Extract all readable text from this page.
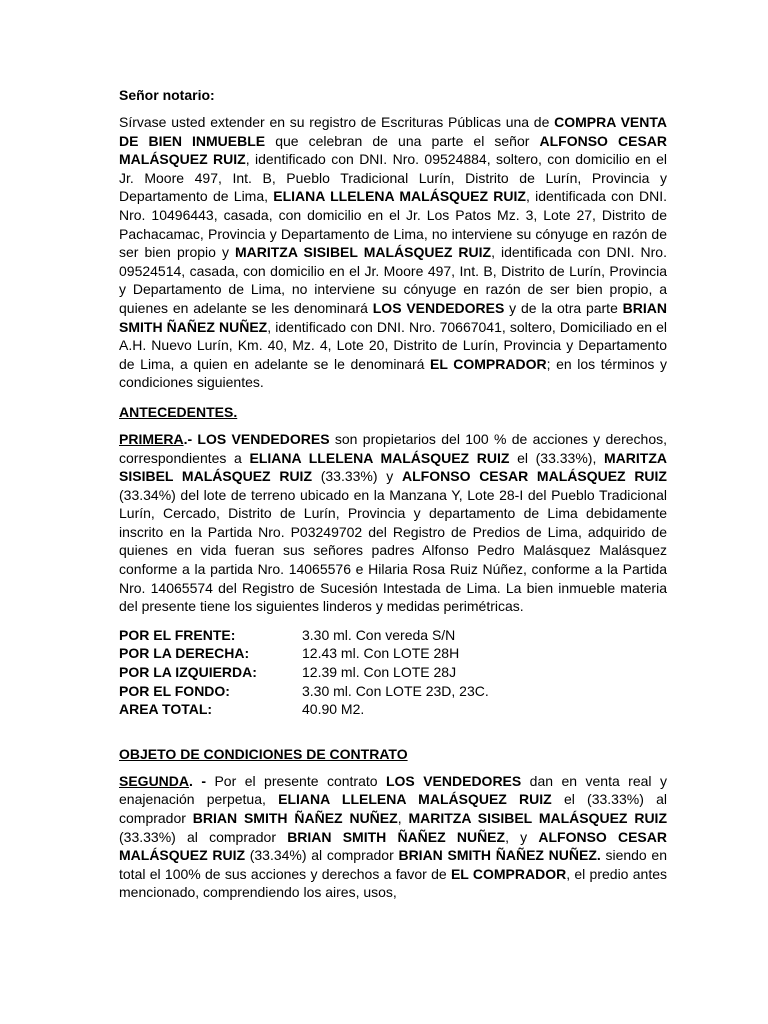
Señor notario:

Sírvase usted extender en su registro de Escrituras Públicas una de COMPRA VENTA DE BIEN INMUEBLE que celebran de una parte el señor ALFONSO CESAR MALÁSQUEZ RUIZ, identificado con DNI. Nro. 09524884, soltero, con domicilio en el Jr. Moore 497, Int. B, Pueblo Tradicional Lurín, Distrito de Lurín, Provincia y Departamento de Lima, ELIANA LLELENA MALÁSQUEZ RUIZ, identificada con DNI. Nro. 10496443, casada, con domicilio en el Jr. Los Patos Mz. 3, Lote 27, Distrito de Pachacamac, Provincia y Departamento de Lima, no interviene su cónyuge en razón de ser bien propio y MARITZA SISIBEL MALÁSQUEZ RUIZ, identificada con DNI. Nro. 09524514, casada, con domicilio en el Jr. Moore 497, Int. B, Distrito de Lurín, Provincia y Departamento de Lima, no interviene su cónyuge en razón de ser bien propio, a quienes en adelante se les denominará LOS VENDEDORES y de la otra parte BRIAN SMITH ÑAÑEZ NUÑEZ, identificado con DNI. Nro. 70667041, soltero, Domiciliado en el A.H. Nuevo Lurín, Km. 40, Mz. 4, Lote 20, Distrito de Lurín, Provincia y Departamento de Lima, a quien en adelante se le denominará EL COMPRADOR; en los términos y condiciones siguientes.

ANTECEDENTES.

PRIMERA.- LOS VENDEDORES son propietarios del 100 % de acciones y derechos, correspondientes a ELIANA LLELENA MALÁSQUEZ RUIZ el (33.33%), MARITZA SISIBEL MALÁSQUEZ RUIZ (33.33%) y ALFONSO CESAR MALÁSQUEZ RUIZ (33.34%) del lote de terreno ubicado en la Manzana Y, Lote 28-I del Pueblo Tradicional Lurín, Cercado, Distrito de Lurín, Provincia y departamento de Lima debidamente inscrito en la Partida Nro. P03249702 del Registro de Predios de Lima, adquirido de quienes en vida fueran sus señores padres Alfonso Pedro Malásquez Malásquez conforme a la partida Nro. 14065576 e Hilaria Rosa Ruiz Núñez, conforme a la Partida Nro. 14065574 del Registro de Sucesión Intestada de Lima. La bien inmueble materia del presente tiene los siguientes linderos y medidas perimétricas.

POR EL FRENTE:	3.30 ml. Con vereda S/N
POR LA DERECHA:	12.43 ml. Con LOTE 28H
POR LA IZQUIERDA:	12.39 ml. Con LOTE 28J
POR EL FONDO:	3.30 ml. Con LOTE 23D, 23C.
AREA TOTAL:	40.90 M2.

OBJETO DE CONDICIONES DE CONTRATO

SEGUNDA. - Por el presente contrato LOS VENDEDORES dan en venta real y enajenación perpetua, ELIANA LLELENA MALÁSQUEZ RUIZ el (33.33%) al comprador BRIAN SMITH ÑAÑEZ NUÑEZ, MARITZA SISIBEL MALÁSQUEZ RUIZ (33.33%) al comprador BRIAN SMITH ÑAÑEZ NUÑEZ, y ALFONSO CESAR MALÁSQUEZ RUIZ (33.34%) al comprador BRIAN SMITH ÑAÑEZ NUÑEZ. siendo en total el 100% de sus acciones y derechos a favor de EL COMPRADOR, el predio antes mencionado, comprendiendo los aires, usos,
